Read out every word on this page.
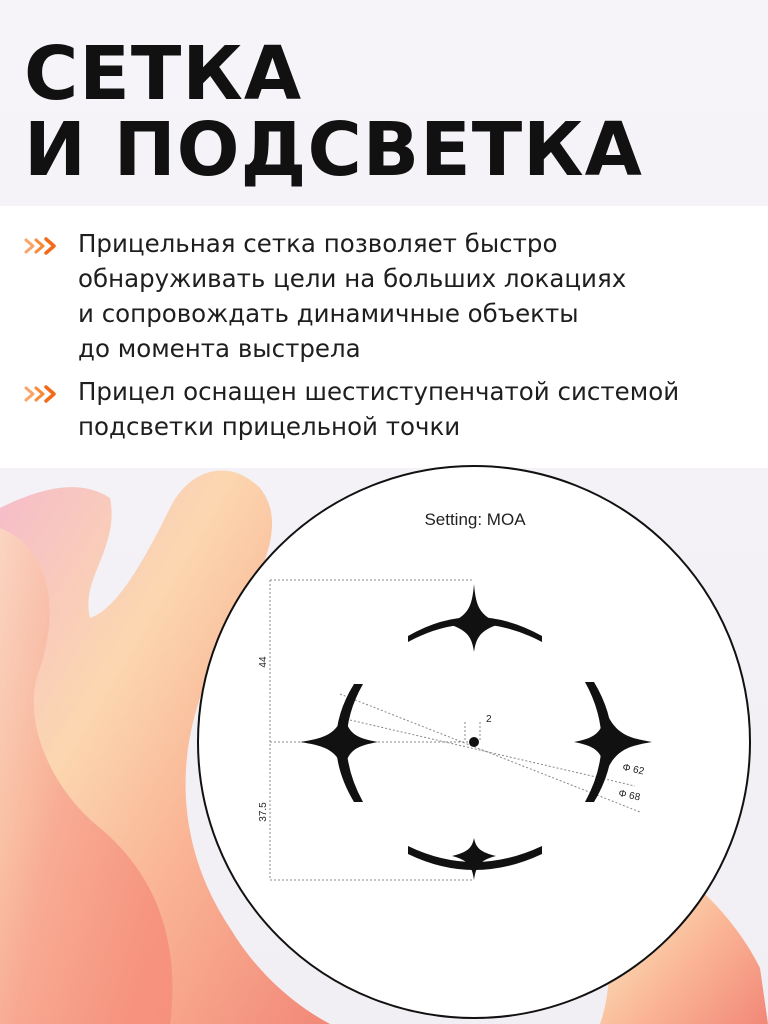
СЕТКА
И ПОДСВЕТКА
Прицельная сетка позволяет быстро
обнаруживать цели на больших локациях
и сопровождать динамичные объекты
до момента выстрела
Прицел оснащен шестиступенчатой системой
подсветки прицельной точки
Setting: MOA
44
37.5
2
Φ 62
Φ 68
